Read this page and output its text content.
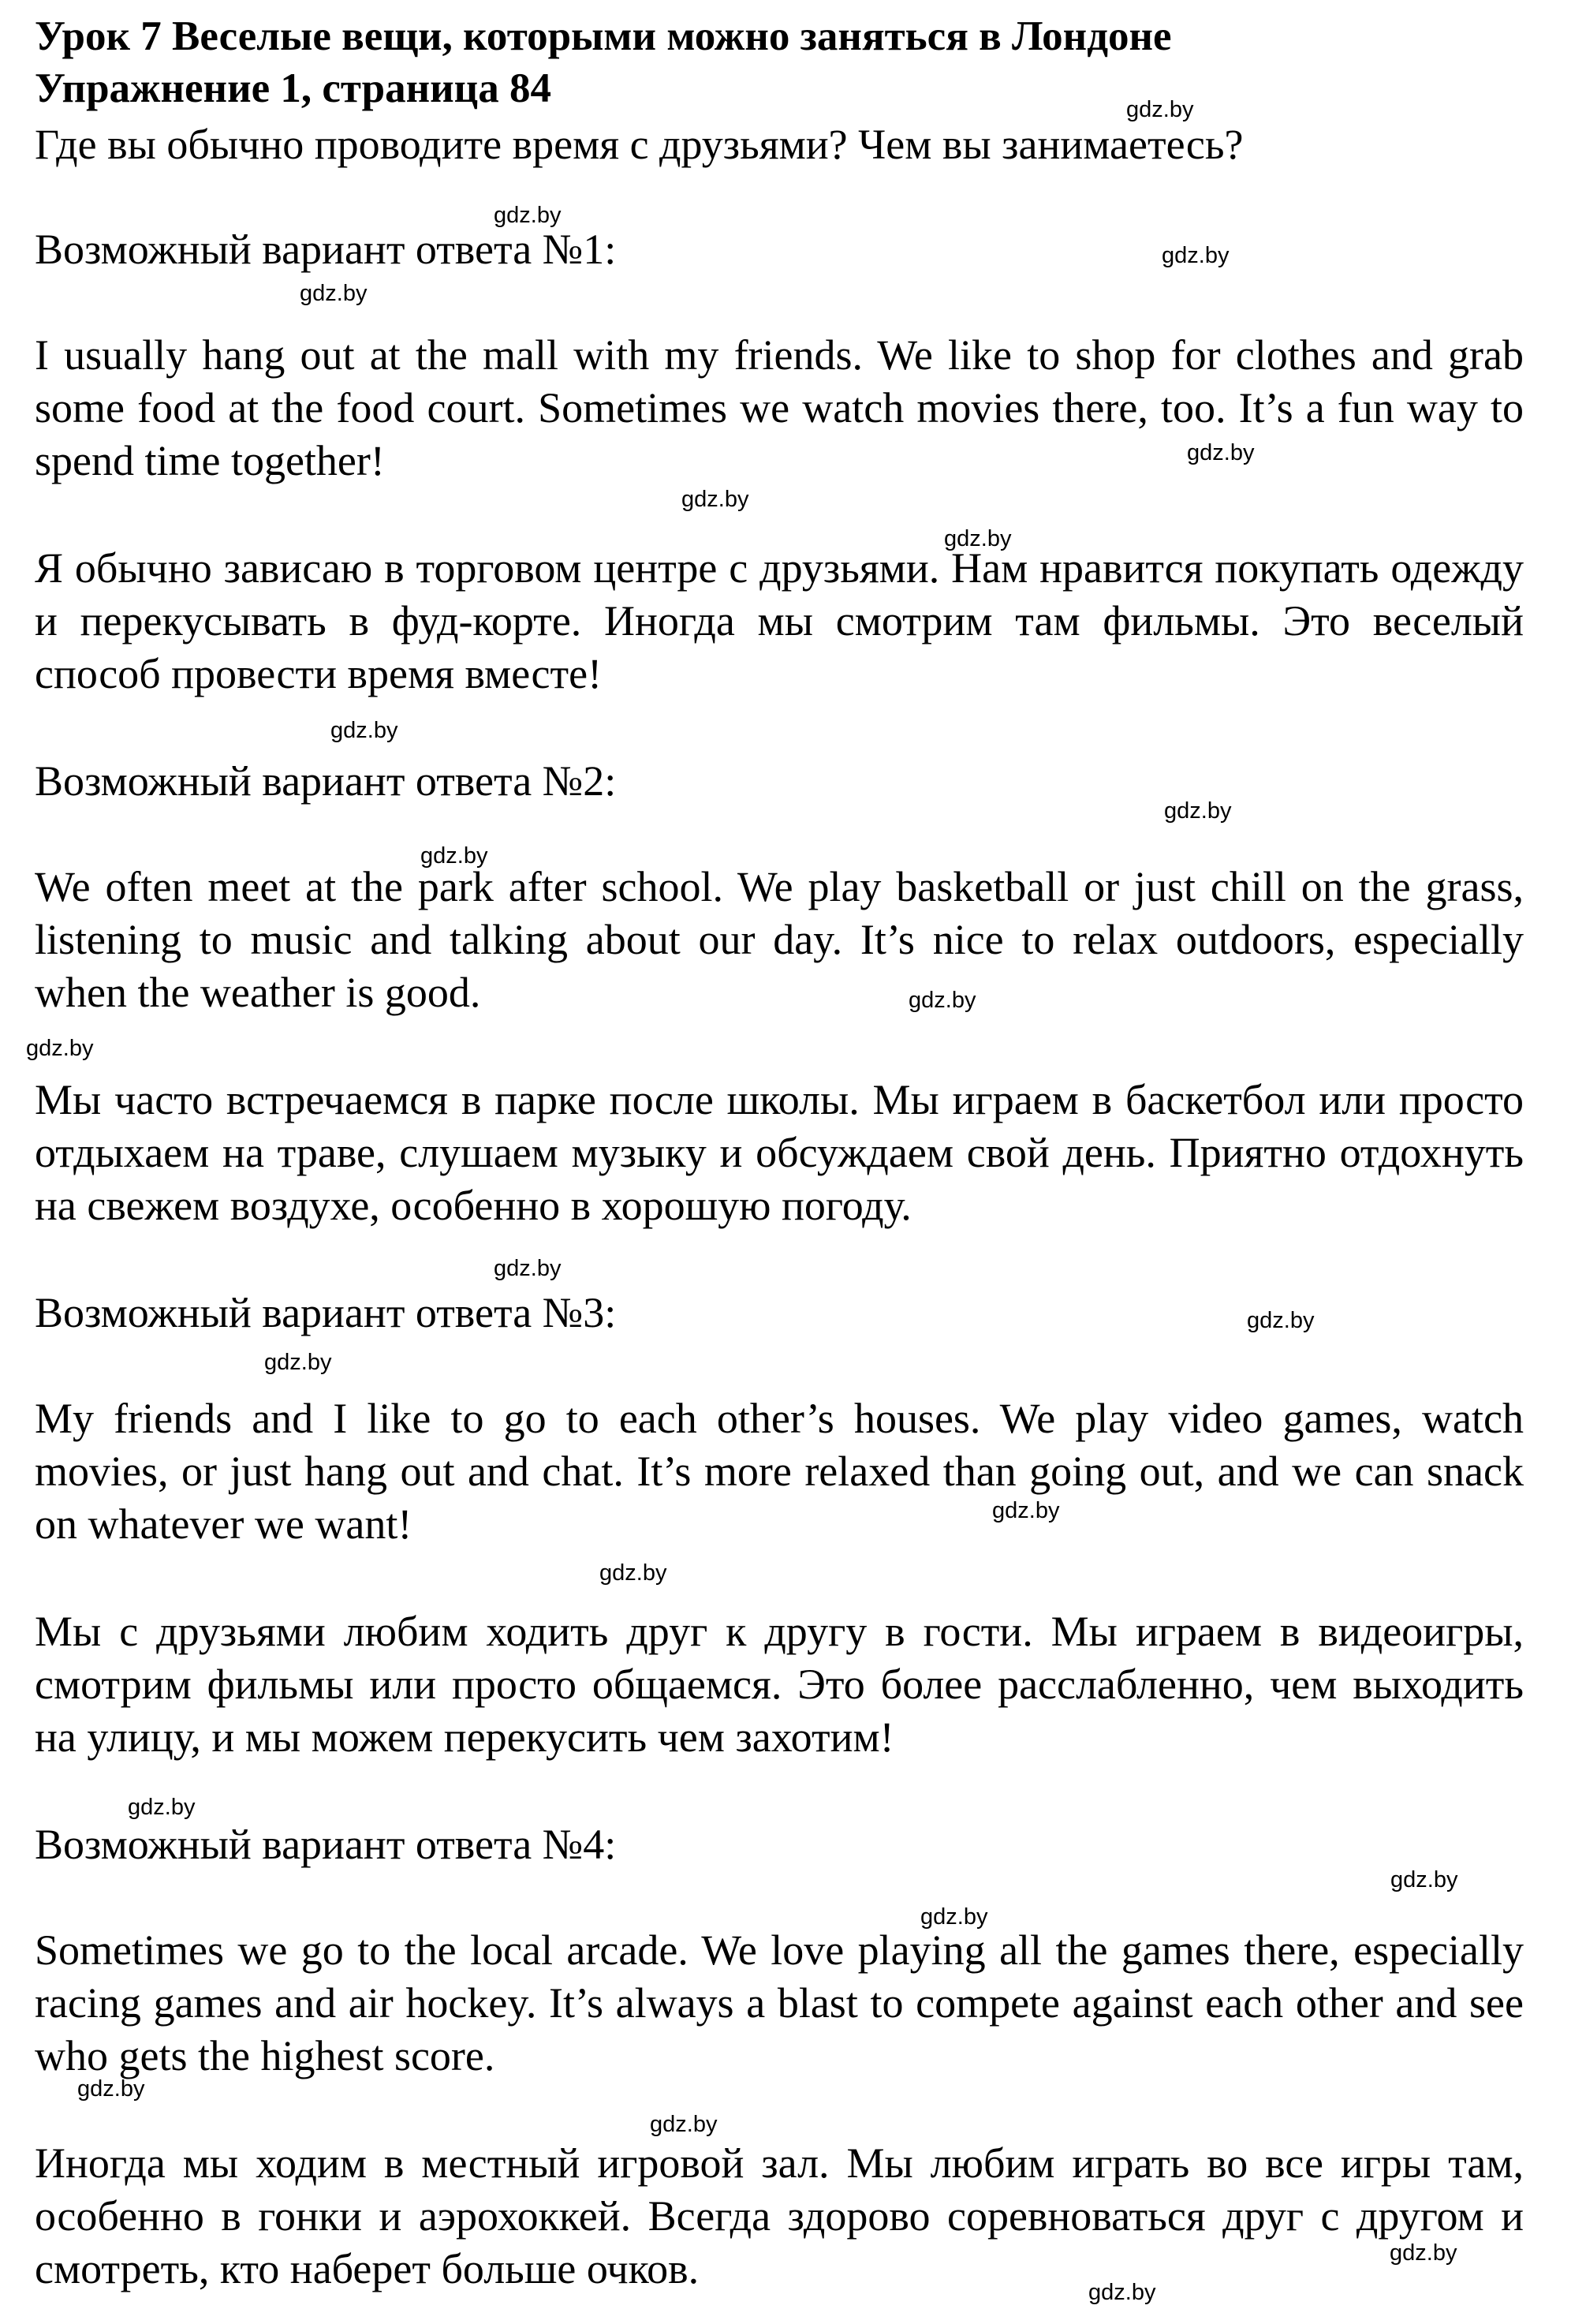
Урок 7 Веселые вещи, которыми можно заняться в Лондоне
Упражнение 1, страница 84
Где вы обычно проводите время с друзьями? Чем вы занимаетесь?
Возможный вариант ответа №1:
I usually hang out at the mall with my friends. We like to shop for clothes and grab some food at the food court. Sometimes we watch movies there, too. It’s a fun way to spend time together!
Я обычно зависаю в торговом центре с друзьями. Нам нравится покупать одежду и перекусывать в фуд-корте. Иногда мы смотрим там фильмы. Это веселый способ провести время вместе!
Возможный вариант ответа №2:
We often meet at the park after school. We play basketball or just chill on the grass, listening to music and talking about our day. It’s nice to relax outdoors, especially when the weather is good.
Мы часто встречаемся в парке после школы. Мы играем в баскетбол или просто отдыхаем на траве, слушаем музыку и обсуждаем свой день. Приятно отдохнуть на свежем воздухе, особенно в хорошую погоду.
Возможный вариант ответа №3:
My friends and I like to go to each other’s houses. We play video games, watch movies, or just hang out and chat. It’s more relaxed than going out, and we can snack on whatever we want!
Мы с друзьями любим ходить друг к другу в гости. Мы играем в видеоигры, смотрим фильмы или просто общаемся. Это более расслабленно, чем выходить на улицу, и мы можем перекусить чем захотим!
Возможный вариант ответа №4:
Sometimes we go to the local arcade. We love playing all the games there, especially racing games and air hockey. It’s always a blast to compete against each other and see who gets the highest score.
Иногда мы ходим в местный игровой зал. Мы любим играть во все игры там, особенно в гонки и аэрохоккей. Всегда здорово соревноваться друг с другом и смотреть, кто наберет больше очков.
gdz.by
gdz.by
gdz.by
gdz.by
gdz.by
gdz.by
gdz.by
gdz.by
gdz.by
gdz.by
gdz.by
gdz.by
gdz.by
gdz.by
gdz.by
gdz.by
gdz.by
gdz.by
gdz.by
gdz.by
gdz.by
gdz.by
gdz.by
gdz.by
